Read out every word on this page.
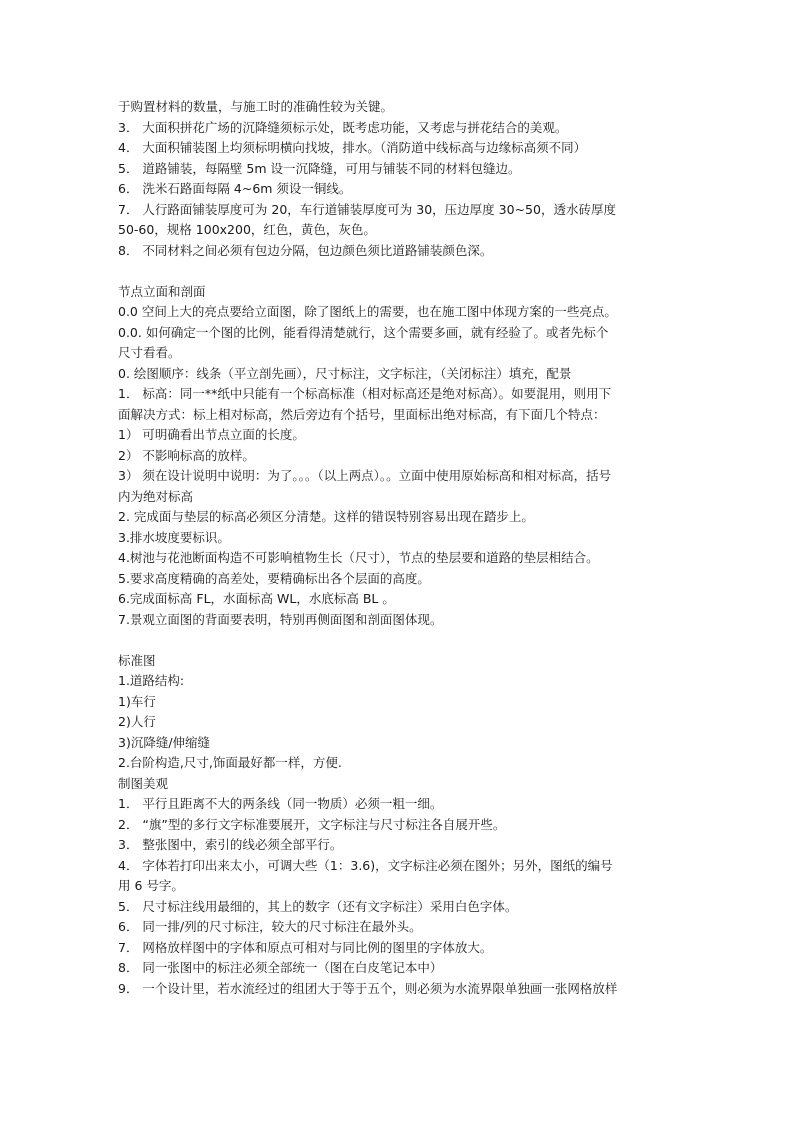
于购置材料的数量，与施工时的准确性较为关键。
3． 大面积拼花广场的沉降缝须标示处，既考虑功能，又考虑与拼花结合的美观。
4． 大面积铺装图上均须标明横向找坡，排水。（消防道中线标高与边缘标高须不同）
5． 道路铺装，每隔壁 5m 设一沉降缝，可用与铺装不同的材料包缝边。
6． 洗米石路面每隔 4~6m 须设一铜线。
7． 人行路面铺装厚度可为 20，车行道铺装厚度可为 30，压边厚度 30~50，透水砖厚度
50-60，规格 100x200，红色，黄色，灰色。
8． 不同材料之间必须有包边分隔，包边颜色须比道路铺装颜色深。
节点立面和剖面
0.0 空间上大的亮点要给立面图，除了图纸上的需要，也在施工图中体现方案的一些亮点。
0.0. 如何确定一个图的比例，能看得清楚就行，这个需要多画，就有经验了。或者先标个
尺寸看看。
0. 绘图顺序：线条（平立剖先画），尺寸标注，文字标注，（关闭标注）填充，配景
1． 标高：同一**纸中只能有一个标高标准（相对标高还是绝对标高）。如要混用，则用下
面解决方式：标上相对标高，然后旁边有个括号，里面标出绝对标高，有下面几个特点：
1） 可明确看出节点立面的长度。
2） 不影响标高的放样。
3） 须在设计说明中说明：为了。。。（以上两点）。。立面中使用原始标高和相对标高，括号
内为绝对标高
2. 完成面与垫层的标高必须区分清楚。这样的错误特别容易出现在踏步上。
3.排水坡度要标识。
4.树池与花池断面构造不可影响植物生长（尺寸），节点的垫层要和道路的垫层相结合。
5.要求高度精确的高差处，要精确标出各个层面的高度。
6.完成面标高 FL，水面标高 WL，水底标高 BL 。
7.景观立面图的背面要表明，特别再侧面图和剖面图体现。
标准图
1.道路结构:
1)车行
2)人行
3)沉降缝/伸缩缝
2.台阶构造,尺寸,饰面最好都一样，方便.
制图美观
1． 平行且距离不大的两条线（同一物质）必须一粗一细。
2． “旗”型的多行文字标准要展开，文字标注与尺寸标注各自展开些。
3． 整张图中，索引的线必须全部平行。
4． 字体若打印出来太小，可调大些（1：3.6)，文字标注必须在图外；另外，图纸的编号
用 6 号字。
5． 尺寸标注线用最细的，其上的数字（还有文字标注）采用白色字体。
6． 同一排/列的尺寸标注，较大的尺寸标注在最外头。
7． 网格放样图中的字体和原点可相对与同比例的图里的字体放大。
8． 同一张图中的标注必须全部统一（图在白皮笔记本中）
9． 一个设计里，若水流经过的组团大于等于五个，则必须为水流界限单独画一张网格放样
